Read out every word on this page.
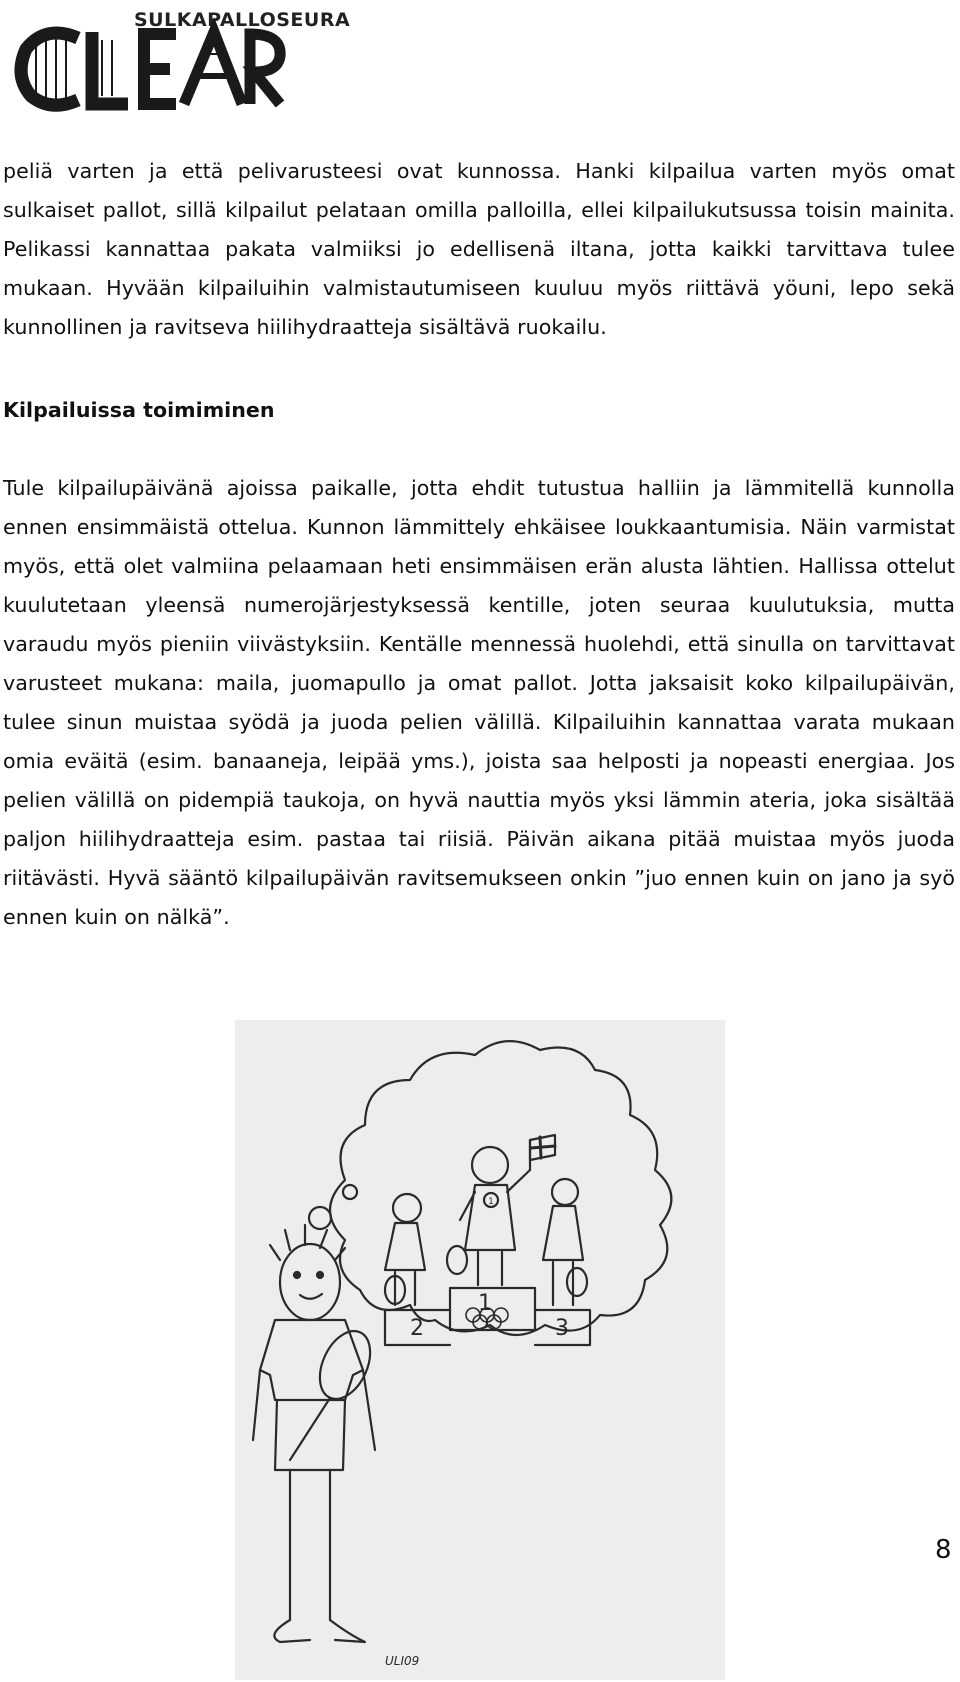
SULKAPALLOSEURA
CLEAR

peliä varten ja että pelivarusteesi ovat kunnossa. Hanki kilpailua varten myös omat sulkaiset pallot, sillä kilpailut pelataan omilla palloilla, ellei kilpailukutsussa toisin mainita. Pelikassi kannattaa pakata valmiiksi jo edellisenä iltana, jotta kaikki tarvittava tulee mukaan. Hyvään kilpailuihin valmistautumiseen kuuluu myös riittävä yöuni, lepo sekä kunnollinen ja ravitseva hiilihydraatteja sisältävä ruokailu.

Kilpailuissa toimiminen

Tule kilpailupäivänä ajoissa paikalle, jotta ehdit tutustua halliin ja lämmitellä kunnolla ennen ensimmäistä ottelua. Kunnon lämmittely ehkäisee loukkaantumisia. Näin varmistat myös, että olet valmiina pelaamaan heti ensimmäisen erän alusta lähtien. Hallissa ottelut kuulutetaan yleensä numerojärjestyksessä kentille, joten seuraa kuulutuksia, mutta varaudu myös pieniin viivästyksiin. Kentälle mennessä huolehdi, että sinulla on tarvittavat varusteet mukana: maila, juomapullo ja omat pallot. Jotta jaksaisit koko kilpailupäivän, tulee sinun muistaa syödä ja juoda pelien välillä. Kilpailuihin kannattaa varata mukaan omia eväitä (esim. banaaneja, leipää yms.), joista saa helposti ja nopeasti energiaa. Jos pelien välillä on pidempiä taukoja, on hyvä nauttia myös yksi lämmin ateria, joka sisältää paljon hiilihydraatteja esim. pastaa tai riisiä. Päivän aikana pitää muistaa myös juoda riitävästi. Hyvä sääntö kilpailupäivän ravitsemukseen onkin ”juo ennen kuin on jano ja syö ennen kuin on nälkä”.

1
2	3
1
ULI09
8
